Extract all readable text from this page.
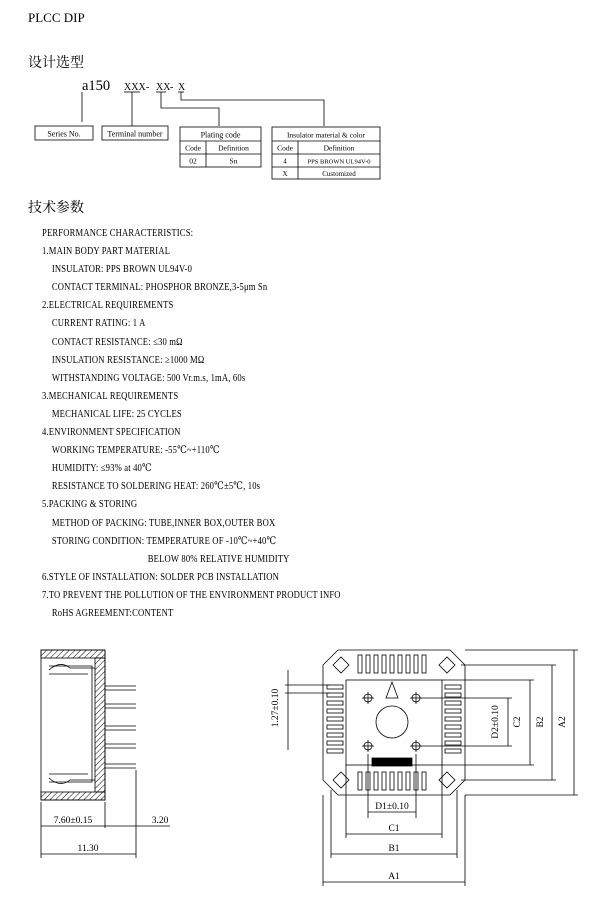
PLCC DIP
设计选型
a150 XXX - XX - X
Series No.	Terminal number	Plating code
Code Definition
02	Sn
Insulator material & color
Code	Definition
4	PPS BROWN UL94V-0
X	Customized
技术参数
PERFORMANCE CHARACTERISTICS:
1.MAIN BODY PART MATERIAL
INSULATOR: PPS BROWN UL94V-0
CONTACT TERMINAL: PHOSPHOR BRONZE,3-5μm Sn
2.ELECTRICAL REQUIREMENTS
CURRENT RATING: 1 A
CONTACT RESISTANCE: ≤30 mΩ
INSULATION RESISTANCE: ≥1000 MΩ
WITHSTANDING VOLTAGE: 500 Vr.m.s, 1mA, 60s
3.MECHANICAL REQUIREMENTS
MECHANICAL LIFE: 25 CYCLES
4.ENVIRONMENT SPECIFICATION
WORKING TEMPERATURE: -55℃~+110℃
HUMIDITY: ≤93% at 40℃
RESISTANCE TO SOLDERING HEAT: 260℃±5℃, 10s
5.PACKING & STORING
METHOD OF PACKING: TUBE,INNER BOX,OUTER BOX
STORING CONDITION: TEMPERATURE OF -10℃~+40℃
BELOW 80% RELATIVE HUMIDITY
6.STYLE OF INSTALLATION: SOLDER PCB INSTALLATION
7.TO PREVENT THE POLLUTION OF THE ENVIRONMENT PRODUCT INFO
RoHS AGREEMENT:CONTENT
7.60±0.15	3.20
11.30
1.27±0.10
D1±0.10
C1
B1
A1
D2±0.10 C2 B2 A2
